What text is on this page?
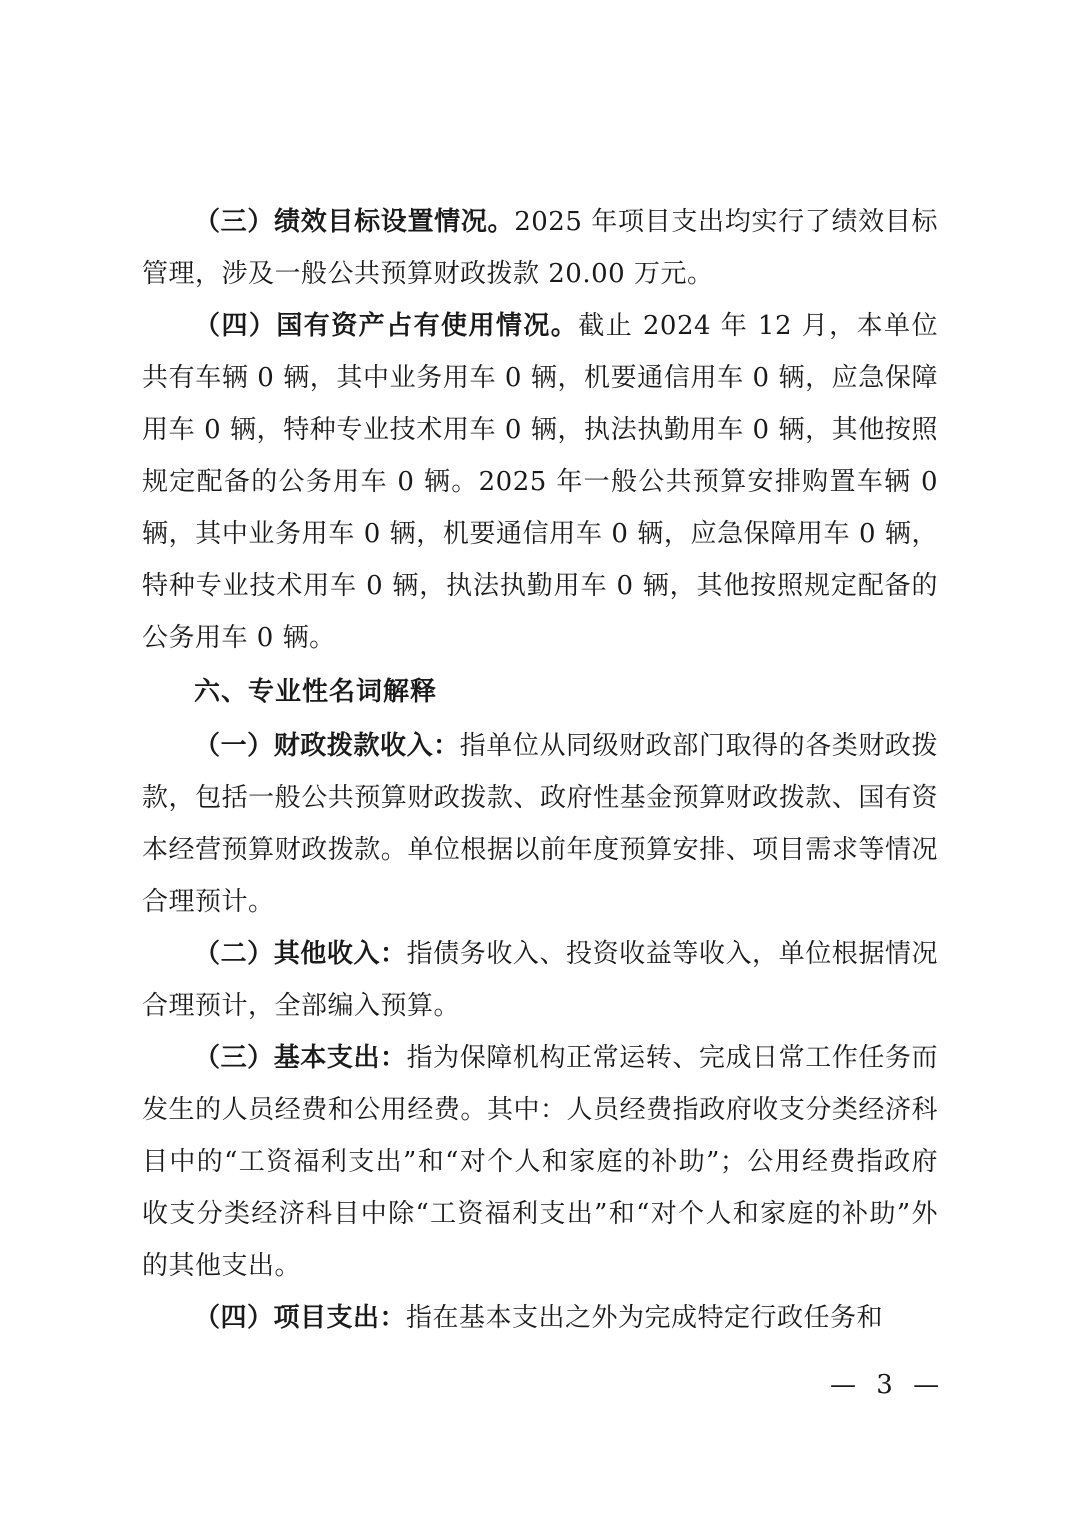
（三）绩效目标设置情况。2025 年项目支出均实行了绩效目标管理，涉及一般公共预算财政拨款 20.00 万元。

（四）国有资产占有使用情况。截止 2024 年 12 月，本单位共有车辆 0 辆，其中业务用车 0 辆，机要通信用车 0 辆，应急保障用车 0 辆，特种专业技术用车 0 辆，执法执勤用车 0 辆，其他按照规定配备的公务用车 0 辆。2025 年一般公共预算安排购置车辆 0 辆，其中业务用车 0 辆，机要通信用车 0 辆，应急保障用车 0 辆，特种专业技术用车 0 辆，执法执勤用车 0 辆，其他按照规定配备的公务用车 0 辆。

六、专业性名词解释

（一）财政拨款收入：指单位从同级财政部门取得的各类财政拨款，包括一般公共预算财政拨款、政府性基金预算财政拨款、国有资本经营预算财政拨款。单位根据以前年度预算安排、项目需求等情况合理预计。

（二）其他收入：指债务收入、投资收益等收入，单位根据情况合理预计，全部编入预算。

（三）基本支出：指为保障机构正常运转、完成日常工作任务而发生的人员经费和公用经费。其中：人员经费指政府收支分类经济科目中的“工资福利支出”和“对个人和家庭的补助”；公用经费指政府收支分类经济科目中除“工资福利支出”和“对个人和家庭的补助”外的其他支出。

（四）项目支出：指在基本支出之外为完成特定行政任务和

— 3 —
